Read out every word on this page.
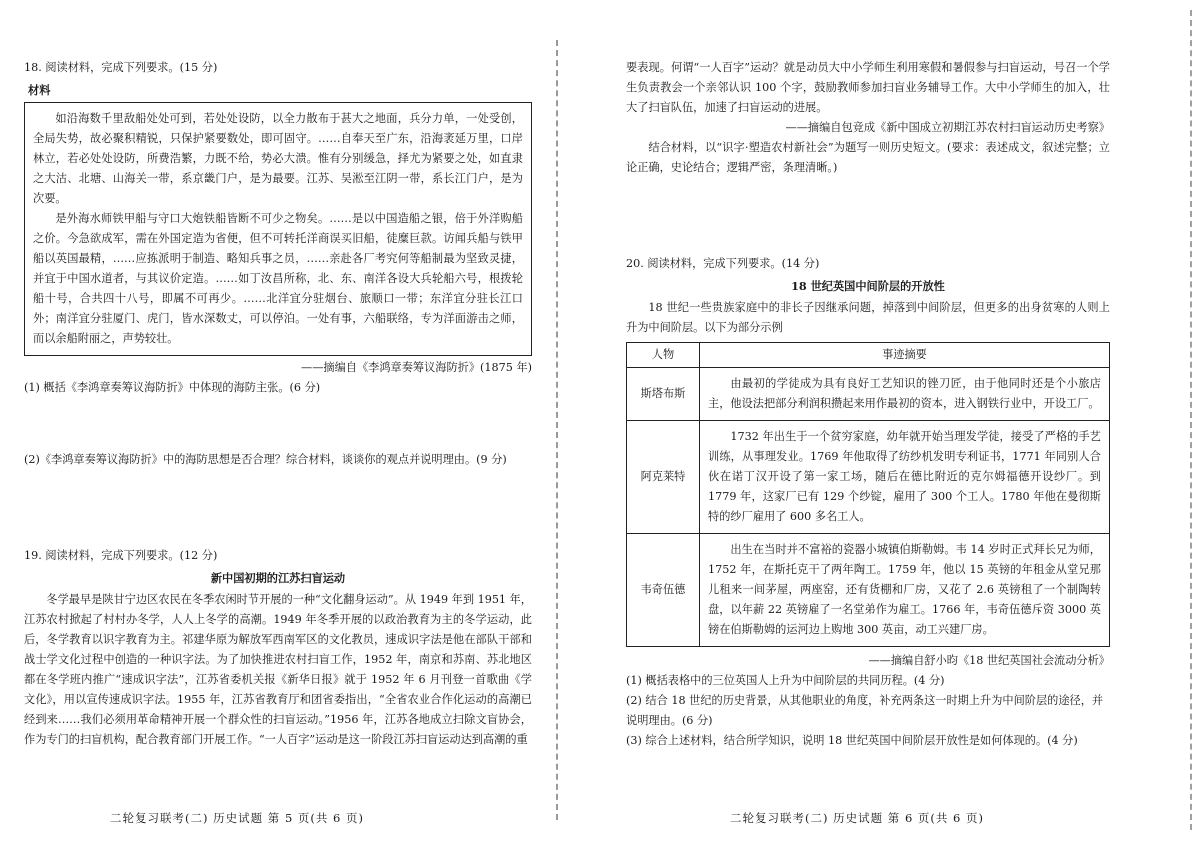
18. 阅读材料，完成下列要求。(15 分)
材料

如沿海数千里敌船处处可到，若处处设防，以全力散布于甚大之地面，兵分力单，一处受创，全局失势，故必聚积精锐，只保护紧要数处，即可固守。……自奉天至广东，沿海袤延万里，口岸林立，若必处处设防，所费浩繁，力既不给，势必大溃。惟有分别缓急，择尤为紧要之处，如直隶之大沽、北塘、山海关一带，系京畿门户，是为最要。江苏、吴淞至江阴一带，系长江门户，是为次要。

是外海水师铁甲船与守口大炮铁船皆断不可少之物矣。……是以中国造船之银，倍于外洋购船之价。今急欲成军，需在外国定造为省便，但不可转托洋商误买旧船，徒糜巨款。访闻兵船与铁甲船以英国最精，……应拣派明于制造、略知兵事之员，……亲赴各厂考究何等船制最为坚致灵捷，并宜于中国水道者，与其议价定造。……如丁汝昌所称，北、东、南洋各设大兵轮船六号，根拨轮船十号，合共四十八号，即属不可再少。……北洋宜分驻烟台、旅顺口一带；东洋宜分驻长江口外；南洋宜分驻厦门、虎门，皆水深数丈，可以停泊。一处有事，六船联络，专为洋面游击之师，而以余船附丽之，声势较壮。

——摘编自《李鸿章奏筹议海防折》(1875 年)

(1) 概括《李鸿章奏筹议海防折》中体现的海防主张。(6 分)

(2)《李鸿章奏筹议海防折》中的海防思想是否合理？综合材料，谈谈你的观点并说明理由。(9 分)

19. 阅读材料，完成下列要求。(12 分)
新中国初期的江苏扫盲运动

冬学最早是陕甘宁边区农民在冬季农闲时节开展的一种“文化翻身运动”。从 1949 年到 1951 年，江苏农村掀起了村村办冬学，人人上冬学的高潮。1949 年冬季开展的以政治教育为主的冬学运动，此后，冬学教育以识字教育为主。祁建华原为解放军西南军区的文化教员，速成识字法是他在部队干部和战士学文化过程中创造的一种识字法。为了加快推进农村扫盲工作，1952 年，南京和苏南、苏北地区都在冬学班内推广“速成识字法”，江苏省委机关报《新华日报》就于 1952 年 6 月刊登一首歌曲《学文化》，用以宣传速成识字法。1955 年，江苏省教育厅和团省委指出，“全省农业合作化运动的高潮已经到来……我们必须用革命精神开展一个群众性的扫盲运动。”1956 年，江苏各地成立扫除文盲协会，作为专门的扫盲机构，配合教育部门开展工作。“一人百字”运动是这一阶段江苏扫盲运动达到高潮的重

二轮复习联考(二) 历史试题 第 5 页(共 6 页)

要表现。何谓“一人百字”运动？就是动员大中小学师生利用寒假和暑假参与扫盲运动，号召一个学生负责教会一个亲邻认识 100 个字，鼓励教师参加扫盲业务辅导工作。大中小学师生的加入，壮大了扫盲队伍，加速了扫盲运动的进展。

——摘编自包竞成《新中国成立初期江苏农村扫盲运动历史考察》

结合材料，以“识字·塑造农村新社会”为题写一则历史短文。(要求：表述成文，叙述完整；立论正确，史论结合；逻辑严密，条理清晰。)

20. 阅读材料，完成下列要求。(14 分)
18 世纪英国中间阶层的开放性

18 世纪一些贵族家庭中的非长子因继承问题，掉落到中间阶层，但更多的出身贫寒的人则上升为中间阶层。以下为部分示例

人物	事迹摘要
斯塔布斯	由最初的学徒成为具有良好工艺知识的锉刀匠，由于他同时还是个小旅店主，他设法把部分利润积攒起来用作最初的资本，进入钢铁行业中，开设工厂。

阿克莱特	1732 年出生于一个贫穷家庭，幼年就开始当理发学徒，接受了严格的手艺训练，从事理发业。1769 年他取得了纺纱机发明专利证书，1771 年同别人合伙在诺丁汉开设了第一家工场，随后在德比附近的克尔姆福德开设纱厂。到 1779 年，这家厂已有 129 个纱锭，雇用了 300 个工人。1780 年他在曼彻斯特的纱厂雇用了 600 多名工人。

韦奇伍德	出生在当时并不富裕的瓷器小城镇伯斯勒姆。韦 14 岁时正式拜长兄为师，1752 年，在斯托克干了两年陶工。1759 年，他以 15 英镑的年租金从堂兄那儿租来一间茅屋，两座窑，还有货棚和厂房，又花了 2.6 英镑租了一个制陶转盘，以年薪 22 英镑雇了一名堂弟作为雇工。1766 年，韦奇伍德斥资 3000 英镑在伯斯勒姆的运河边上购地 300 英亩，动工兴建厂房。

——摘编自舒小昀《18 世纪英国社会流动分析》

(1) 概括表格中的三位英国人上升为中间阶层的共同历程。(4 分)

(2) 结合 18 世纪的历史背景，从其他职业的角度，补充两条这一时期上升为中间阶层的途径，并说明理由。(6 分)

(3) 综合上述材料，结合所学知识，说明 18 世纪英国中间阶层开放性是如何体现的。(4 分)

二轮复习联考(二) 历史试题 第 6 页(共 6 页)
